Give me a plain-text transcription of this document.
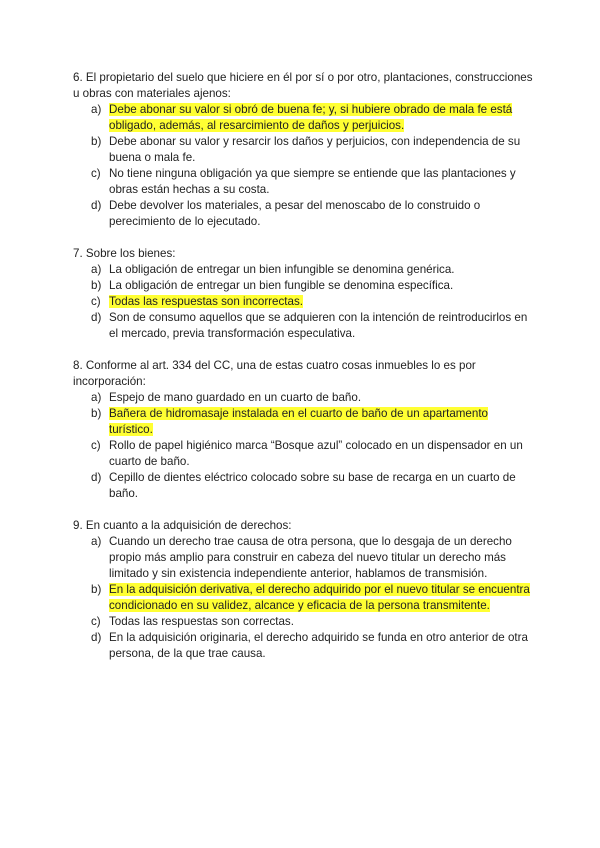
6. El propietario del suelo que hiciere en él por sí o por otro, plantaciones, construcciones u obras con materiales ajenos:

a) Debe abonar su valor si obró de buena fe; y, si hubiere obrado de mala fe está obligado, además, al resarcimiento de daños y perjuicios.
b) Debe abonar su valor y resarcir los daños y perjuicios, con independencia de su buena o mala fe.
c) No tiene ninguna obligación ya que siempre se entiende que las plantaciones y obras están hechas a su costa.
d) Debe devolver los materiales, a pesar del menoscabo de lo construido o perecimiento de lo ejecutado.

7. Sobre los bienes:

a) La obligación de entregar un bien infungible se denomina genérica.
b) La obligación de entregar un bien fungible se denomina específica.
c) Todas las respuestas son incorrectas.
d) Son de consumo aquellos que se adquieren con la intención de reintroducirlos en el mercado, previa transformación especulativa.

8. Conforme al art. 334 del CC, una de estas cuatro cosas inmuebles lo es por incorporación:

a) Espejo de mano guardado en un cuarto de baño.
b) Bañera de hidromasaje instalada en el cuarto de baño de un apartamento turístico.
c) Rollo de papel higiénico marca “Bosque azul” colocado en un dispensador en un cuarto de baño.
d) Cepillo de dientes eléctrico colocado sobre su base de recarga en un cuarto de baño.

9. En cuanto a la adquisición de derechos:

a) Cuando un derecho trae causa de otra persona, que lo desgaja de un derecho propio más amplio para construir en cabeza del nuevo titular un derecho más limitado y sin existencia independiente anterior, hablamos de transmisión.
b) En la adquisición derivativa, el derecho adquirido por el nuevo titular se encuentra condicionado en su validez, alcance y eficacia de la persona transmitente.
c) Todas las respuestas son correctas.
d) En la adquisición originaria, el derecho adquirido se funda en otro anterior de otra persona, de la que trae causa.
